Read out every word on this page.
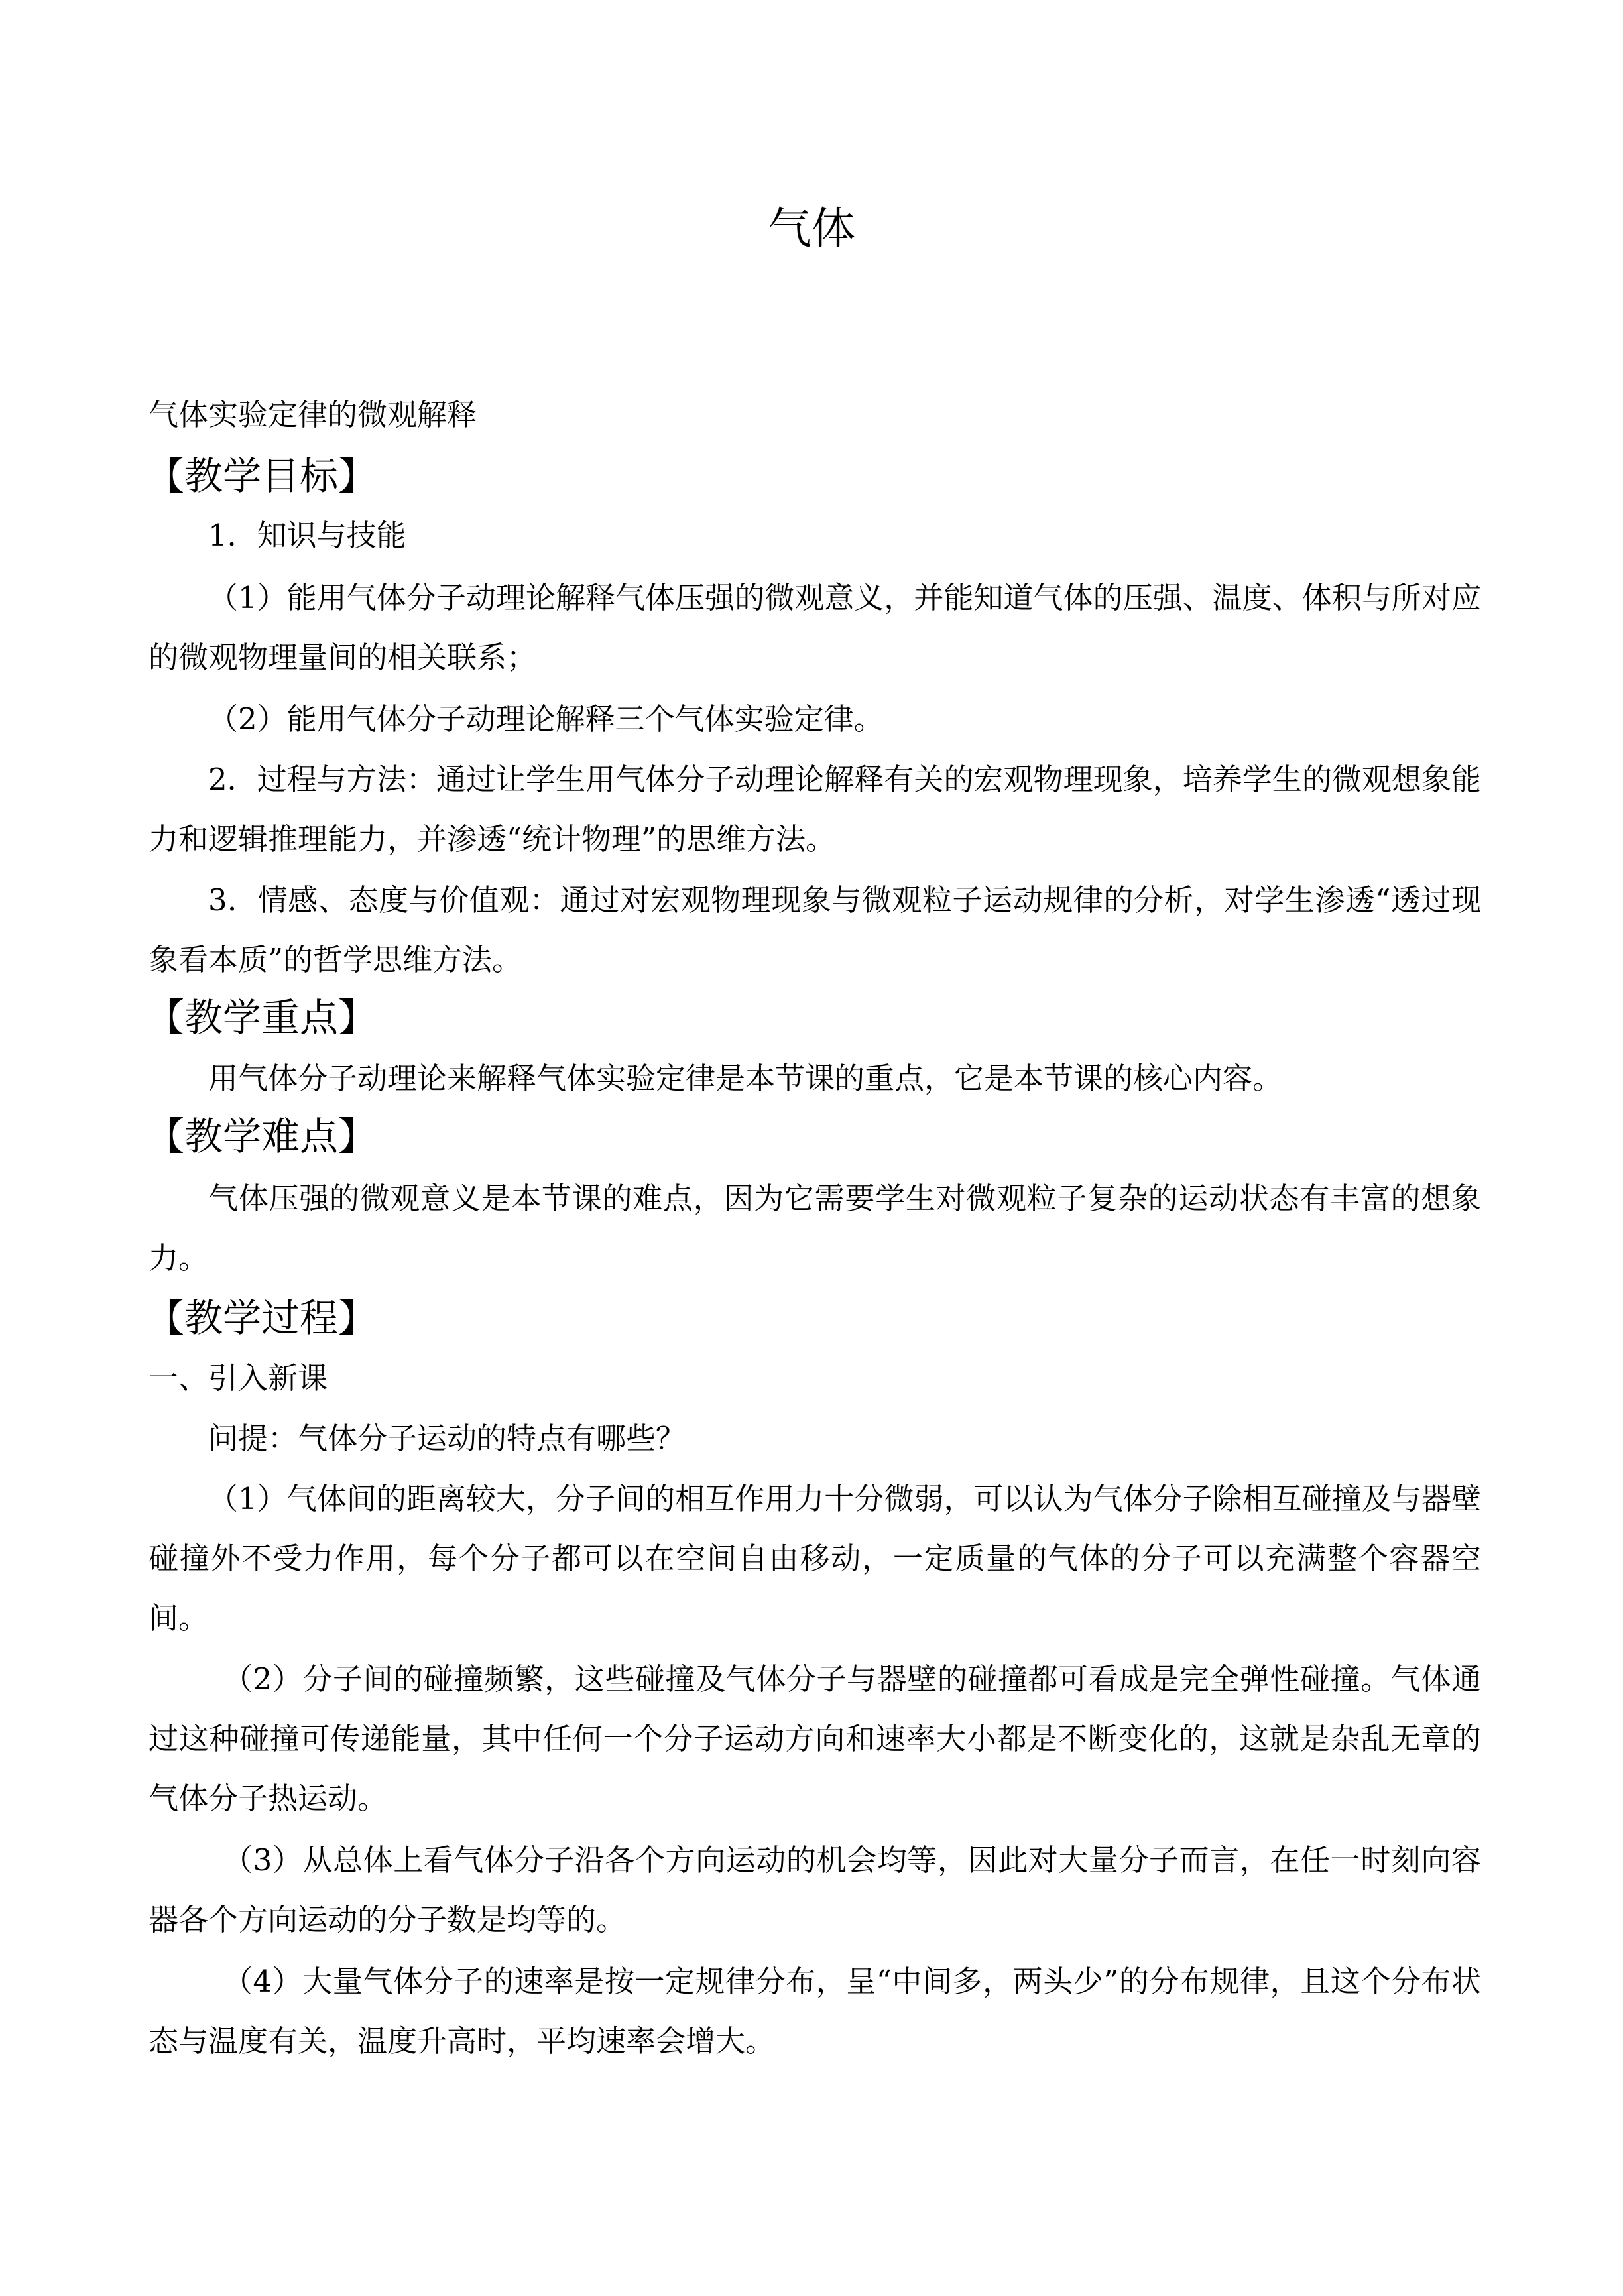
气体
气体实验定律的微观解释
【教学目标】
1．知识与技能
（1）能用气体分子动理论解释气体压强的微观意义，并能知道气体的压强、温度、体积与所对应的微观物理量间的相关联系；
（2）能用气体分子动理论解释三个气体实验定律。
2．过程与方法：通过让学生用气体分子动理论解释有关的宏观物理现象，培养学生的微观想象能力和逻辑推理能力，并渗透“统计物理”的思维方法。
3．情感、态度与价值观：通过对宏观物理现象与微观粒子运动规律的分析，对学生渗透“透过现象看本质”的哲学思维方法。
【教学重点】
用气体分子动理论来解释气体实验定律是本节课的重点，它是本节课的核心内容。
【教学难点】
气体压强的微观意义是本节课的难点，因为它需要学生对微观粒子复杂的运动状态有丰富的想象力。
【教学过程】
一、引入新课
问提：气体分子运动的特点有哪些？
（1）气体间的距离较大，分子间的相互作用力十分微弱，可以认为气体分子除相互碰撞及与器壁碰撞外不受力作用，每个分子都可以在空间自由移动，一定质量的气体的分子可以充满整个容器空间。
（2）分子间的碰撞频繁，这些碰撞及气体分子与器壁的碰撞都可看成是完全弹性碰撞。气体通过这种碰撞可传递能量，其中任何一个分子运动方向和速率大小都是不断变化的，这就是杂乱无章的气体分子热运动。
（3）从总体上看气体分子沿各个方向运动的机会均等，因此对大量分子而言，在任一时刻向容器各个方向运动的分子数是均等的。
（4）大量气体分子的速率是按一定规律分布，呈“中间多，两头少”的分布规律，且这个分布状态与温度有关，温度升高时，平均速率会增大。
